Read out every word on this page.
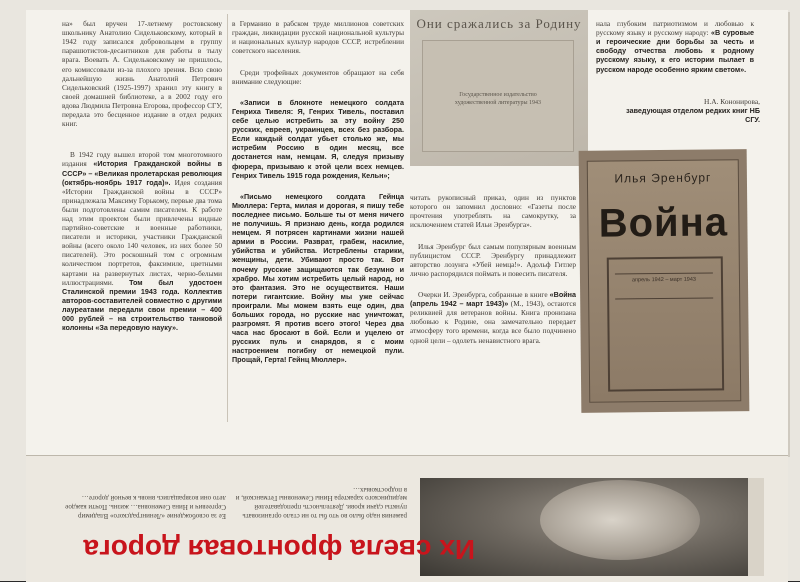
на» был вручен 17-летнему ростовскому школьнику Анатолию Сидельковскому, который в 1942 году записался добровольцем в группу парашютистов-десантников для работы в тылу врага. Воевать А. Сидельковскому не пришлось, его комиссовали из-за плохого зрения. Всю свою дальнейшую жизнь Анатолий Петрович Сидельковский (1925-1997) хранил эту книгу в своей домашней библиотеке, а в 2002 году его вдова Людмила Петровна Егорова, профессор СГУ, передала это бесценное издание в отдел редких книг.

В 1942 году вышел второй том многотомного издания «История Гражданской войны в СССР» – «Великая пролетарская революция (октябрь-ноябрь 1917 года)». Идея создания «Истории Гражданской войны в СССР» принадлежала Максиму Горькому, первые два тома были подготовлены самим писателем. К работе над этим проектом были привлечены видные партийно-советские и военные работники, писатели и историки, участники Гражданской войны (всего около 140 человек, из них более 50 писателей). Это роскошный том с огромным количеством портретов, факсимиле, цветными картами на развернутых листах, черно-белыми иллюстрациями. Том был удостоен Сталинской премии 1943 года. Коллектив авторов-составителей совместно с другими лауреатами передали свои премии – 400 000 рублей – на строительство танковой колонны «За передовую науку».

в Германию в рабском труде миллионов советских граждан, ликвидации русской национальной культуры и национальных культур народов СССР, истреблении советского населения.

Среди трофейных документов обращают на себя внимание следующие:

«Записи в блокноте немецкого солдата Генриха Тивеля: Я, Генрих Тивель, поставил себе целью истребить за эту войну 250 русских, евреев, украинцев, всех без разбора. Если каждый солдат убьет столько же, мы истребим Россию в один месяц, все достанется нам, немцам. Я, следуя призыву фюрера, призываю к этой цели всех немцев. Генрих Тивель 1915 года рождения, Кельн»;

«Письмо немецкого солдата Гейнца Мюллера: Герта, милая и дорогая, я пишу тебе последнее письмо. Больше ты от меня ничего не получишь. Я признаю день, когда родился немцем. Я потрясен картинами жизни нашей армии в России. Разврат, грабеж, насилие, убийства и убийства. Истреблены старики, женщины, дети. Убивают просто так. Вот почему русские защищаются так безумно и храбро. Мы хотим истребить целый народ, но это фантазия. Это не осуществится. Наши потери гигантские. Войну мы уже сейчас проиграли. Мы можем взять еще один, два больших города, но русские нас уничтожат, разгромят. Я против всего этого! Через два часа нас бросают в бой. Если и уцелею от русских пуль и снарядов, я с моим настроением погибну от немецкой пули. Прощай, Герта! Гейнц Мюллер».

Они сражались за Родину
Государственное издательство художественной литературы 1943

нала глубоким патриотизмом и любовью к русскому языку и русскому народу: «В суровые и героические дни борьбы за честь и свободу отчества любовь к родному русскому языку, к его истории пылает в русском народе особенно ярким светом».

Н.А. Кононирова,
заведующая отделом редких книг НБ СГУ.
Илья Эренбург
Война
апрель 1942 – март 1943

читать рукописный приказ, один из пунктов которого он запомнил дословно: «Газеты после прочтения употреблять на самокрутку, за исключением статей Ильи Эренбурга».

Илья Эренбург был самым популярным военным публицистом СССР. Эренбургу принадлежит авторство лозунга «Убей немца!». Адольф Гитлер лично распорядился поймать и повесить писателя.

Очерки И. Эренбурга, собранные в книге «Война (апрель 1942 – март 1943)» (М., 1943), остаются реликвией для ветеранов войны. Книга пронизана любовью к Родине, она замечательно передает атмосферу того времени, когда все было подчинено одной цели – одолеть ненавистного врага.

ражения надо было во что бы то ни стало организовать пункты сдачи крови. Деятельность преподавателей медицинского характера Нины Семеновны Гетманской, и в подростковых…
Ее за освобождение «Ленинградского» Владимир Сергеевич и Нина Семеновна… жизнь. Почти каждое лето они возвращались вновь к вечной дороге…
Их свела фронтовая дорога
